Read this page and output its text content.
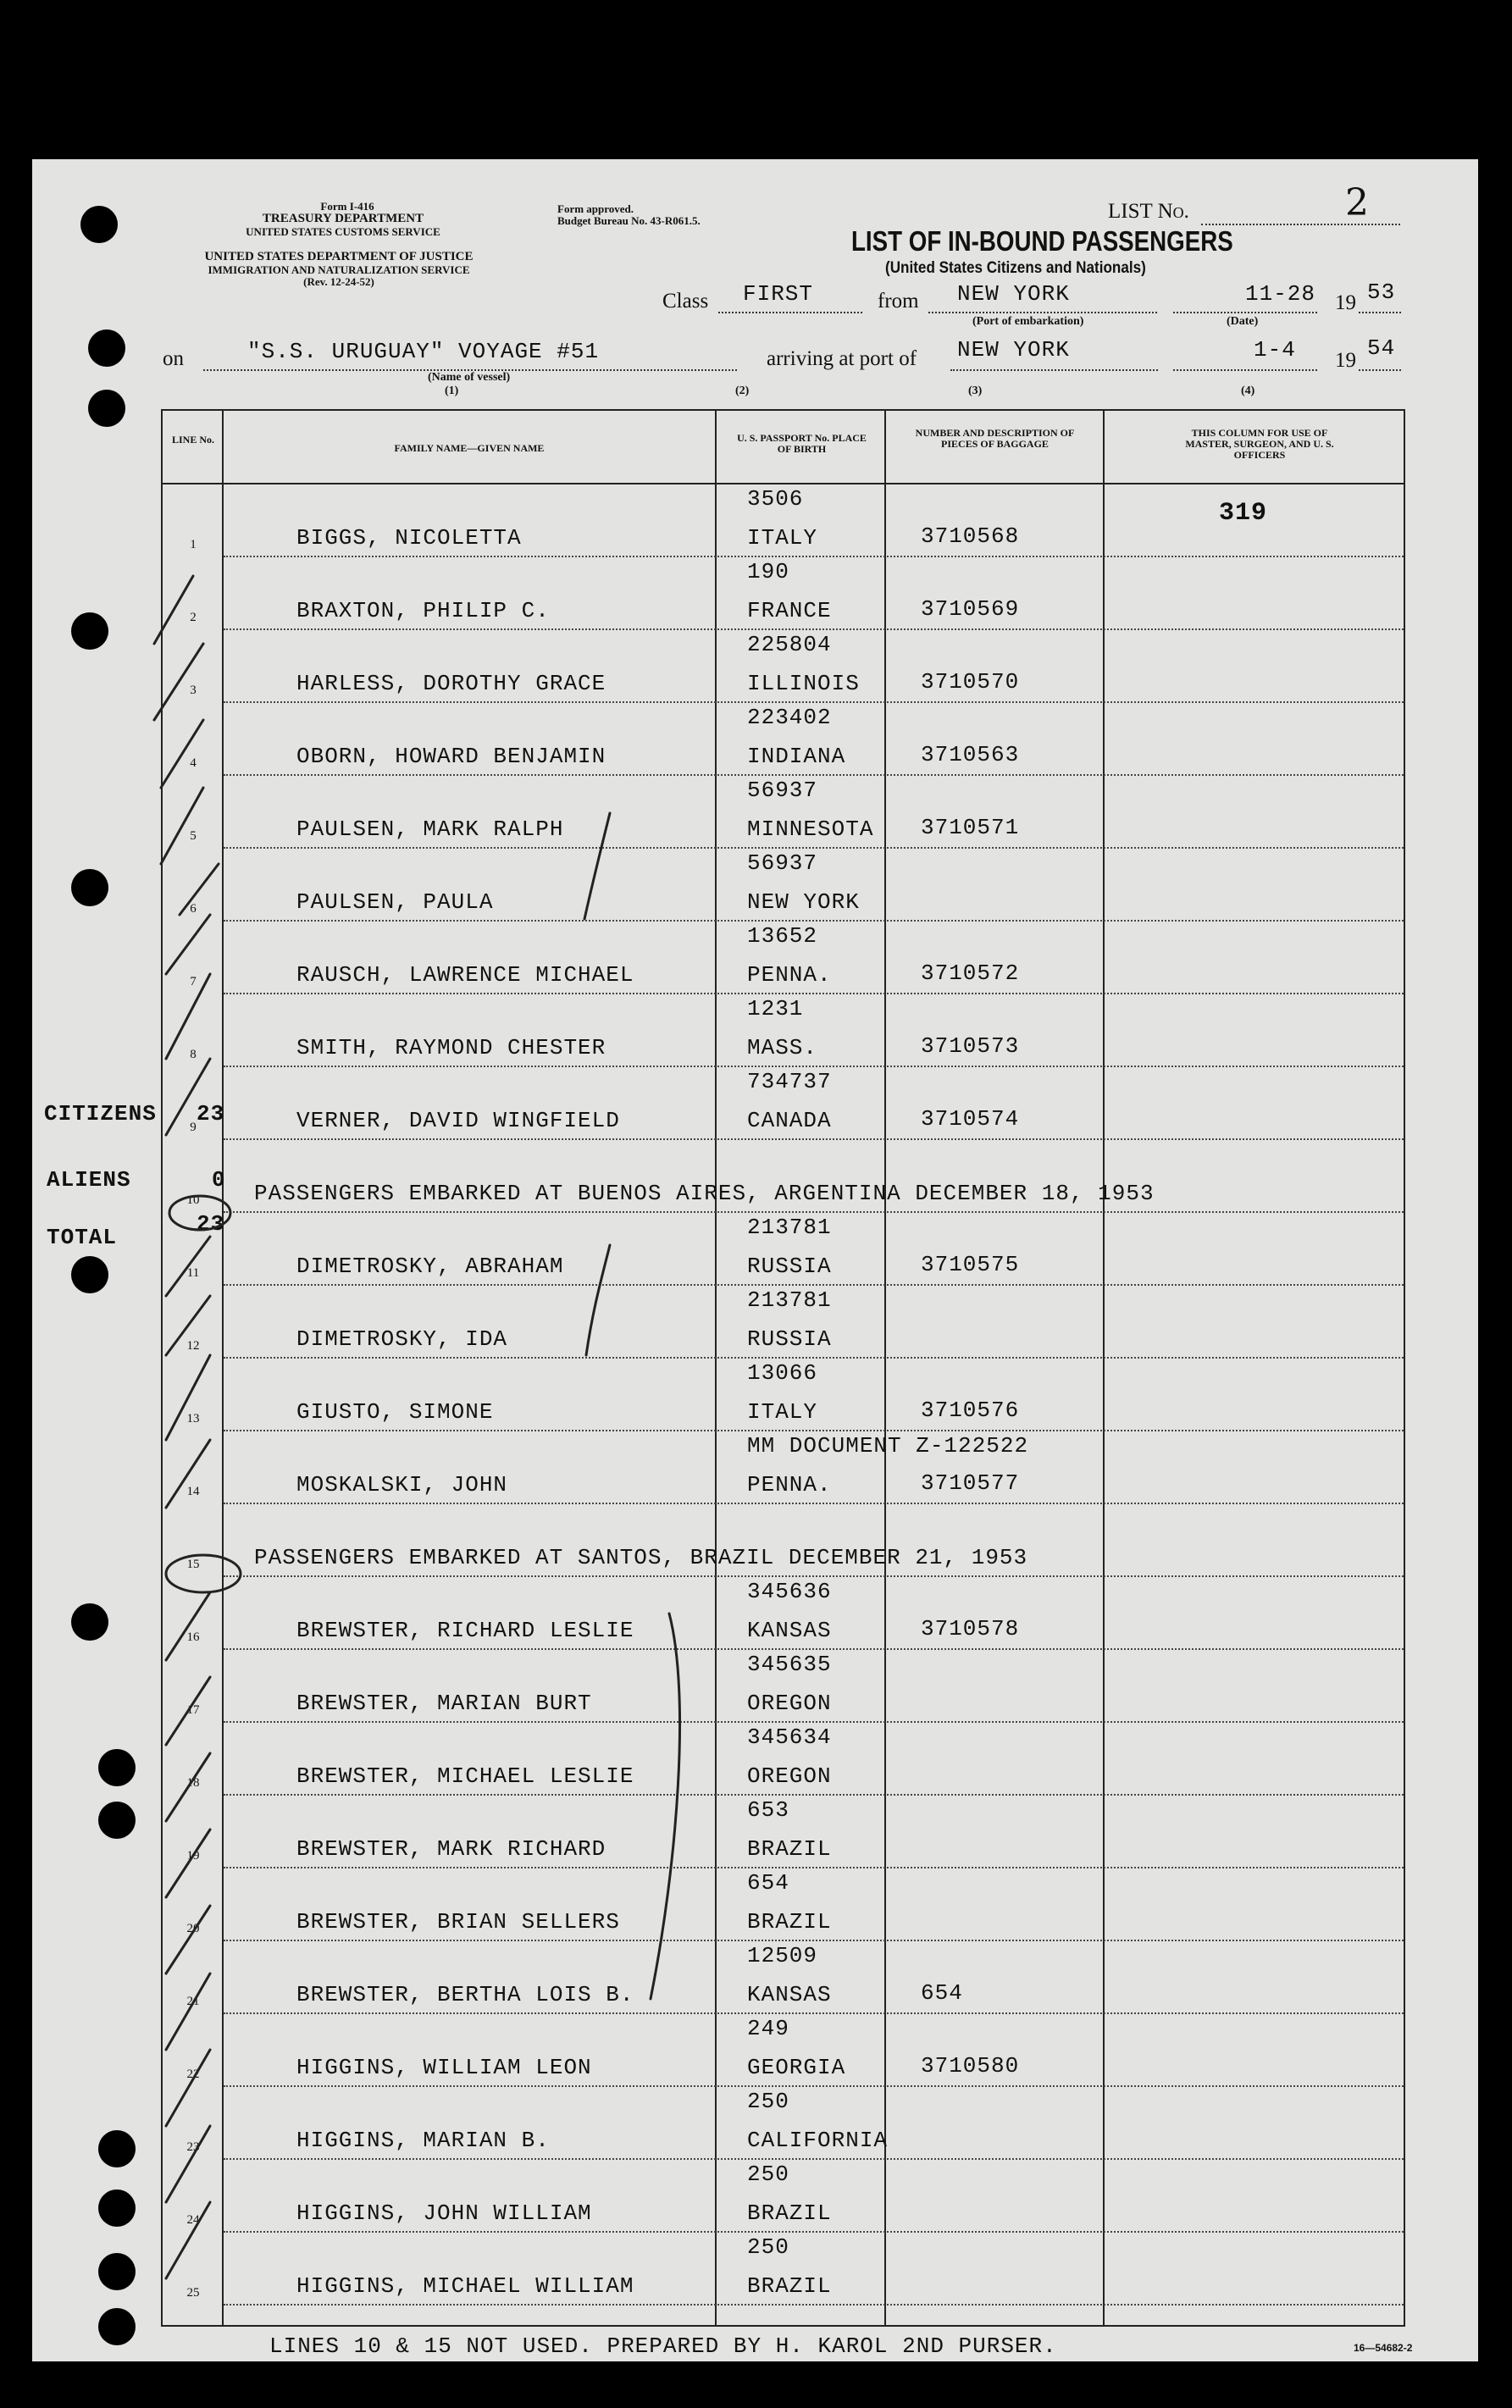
Form I-416
TREASURY DEPARTMENT
UNITED STATES CUSTOMS SERVICE
Form approved.
Budget Bureau No. 43-R061.5.
UNITED STATES DEPARTMENT OF JUSTICE
IMMIGRATION AND NATURALIZATION SERVICE
(Rev. 12-24-52)
LIST No.	2
LIST OF IN-BOUND PASSENGERS
(United States Citizens and Nationals)
Class FIRST	from NEW YORK
(Port of embarkation)
11-28
(Date)
19 53
on	"S.S. URUGUAY" VOYAGE #51
(Name of vessel)
(1)
arriving at port of NEW YORK	1-4 19 54
(2)	(3)	(4)
LINE No.
FAMILY NAME—GIVEN NAME
U. S. PASSPORT No. PLACE OF BIRTH
NUMBER AND DESCRIPTION OF PIECES OF BAGGAGE
THIS COLUMN FOR USE OF MASTER, SURGEON, AND U. S. OFFICERS
319
1	BIGGS, NICOLETTA
3506
ITALY	3710568
2	BRAXTON, PHILIP C.
190
FRANCE	3710569
3	HARLESS, DOROTHY GRACE
225804
ILLINOIS	3710570
4	OBORN, HOWARD BENJAMIN
223402
INDIANA	3710563
5	PAULSEN, MARK RALPH
56937
MINNESOTA 3710571
6	PAULSEN, PAULA
56937
NEW YORK
7	RAUSCH, LAWRENCE MICHAEL
13652
PENNA.	3710572
8	SMITH, RAYMOND CHESTER
1231
MASS.	3710573
9	VERNER, DAVID WINGFIELD
734737
CANADA	3710574
10	PASSENGERS EMBARKED AT BUENOS AIRES, ARGENTINA DECEMBER 18, 1953
11	DIMETROSKY, ABRAHAM
213781
RUSSIA	3710575
12	DIMETROSKY, IDA
213781
RUSSIA
13	GIUSTO, SIMONE
13066
ITALY	3710576
14	MOSKALSKI, JOHN
MM DOCUMENT Z-122522
PENNA.	3710577
15	PASSENGERS EMBARKED AT SANTOS, BRAZIL DECEMBER 21, 1953
16	BREWSTER, RICHARD LESLIE
345636
KANSAS	3710578
17	BREWSTER, MARIAN BURT
345635
OREGON
18	BREWSTER, MICHAEL LESLIE
345634
OREGON
19	BREWSTER, MARK RICHARD
653
BRAZIL
20	BREWSTER, BRIAN SELLERS
654
BRAZIL
21	BREWSTER, BERTHA LOIS B.
12509
KANSAS	654
22	HIGGINS, WILLIAM LEON
249
GEORGIA	3710580
23	HIGGINS, MARIAN B.
250
CALIFORNIA
24	HIGGINS, JOHN WILLIAM
250
BRAZIL
25	HIGGINS, MICHAEL WILLIAM
250
BRAZIL
CITIZENS 23
ALIENS	0
TOTAL
23
LINES 10 & 15 NOT USED. PREPARED BY H. KAROL 2ND PURSER.	16—54682-2
